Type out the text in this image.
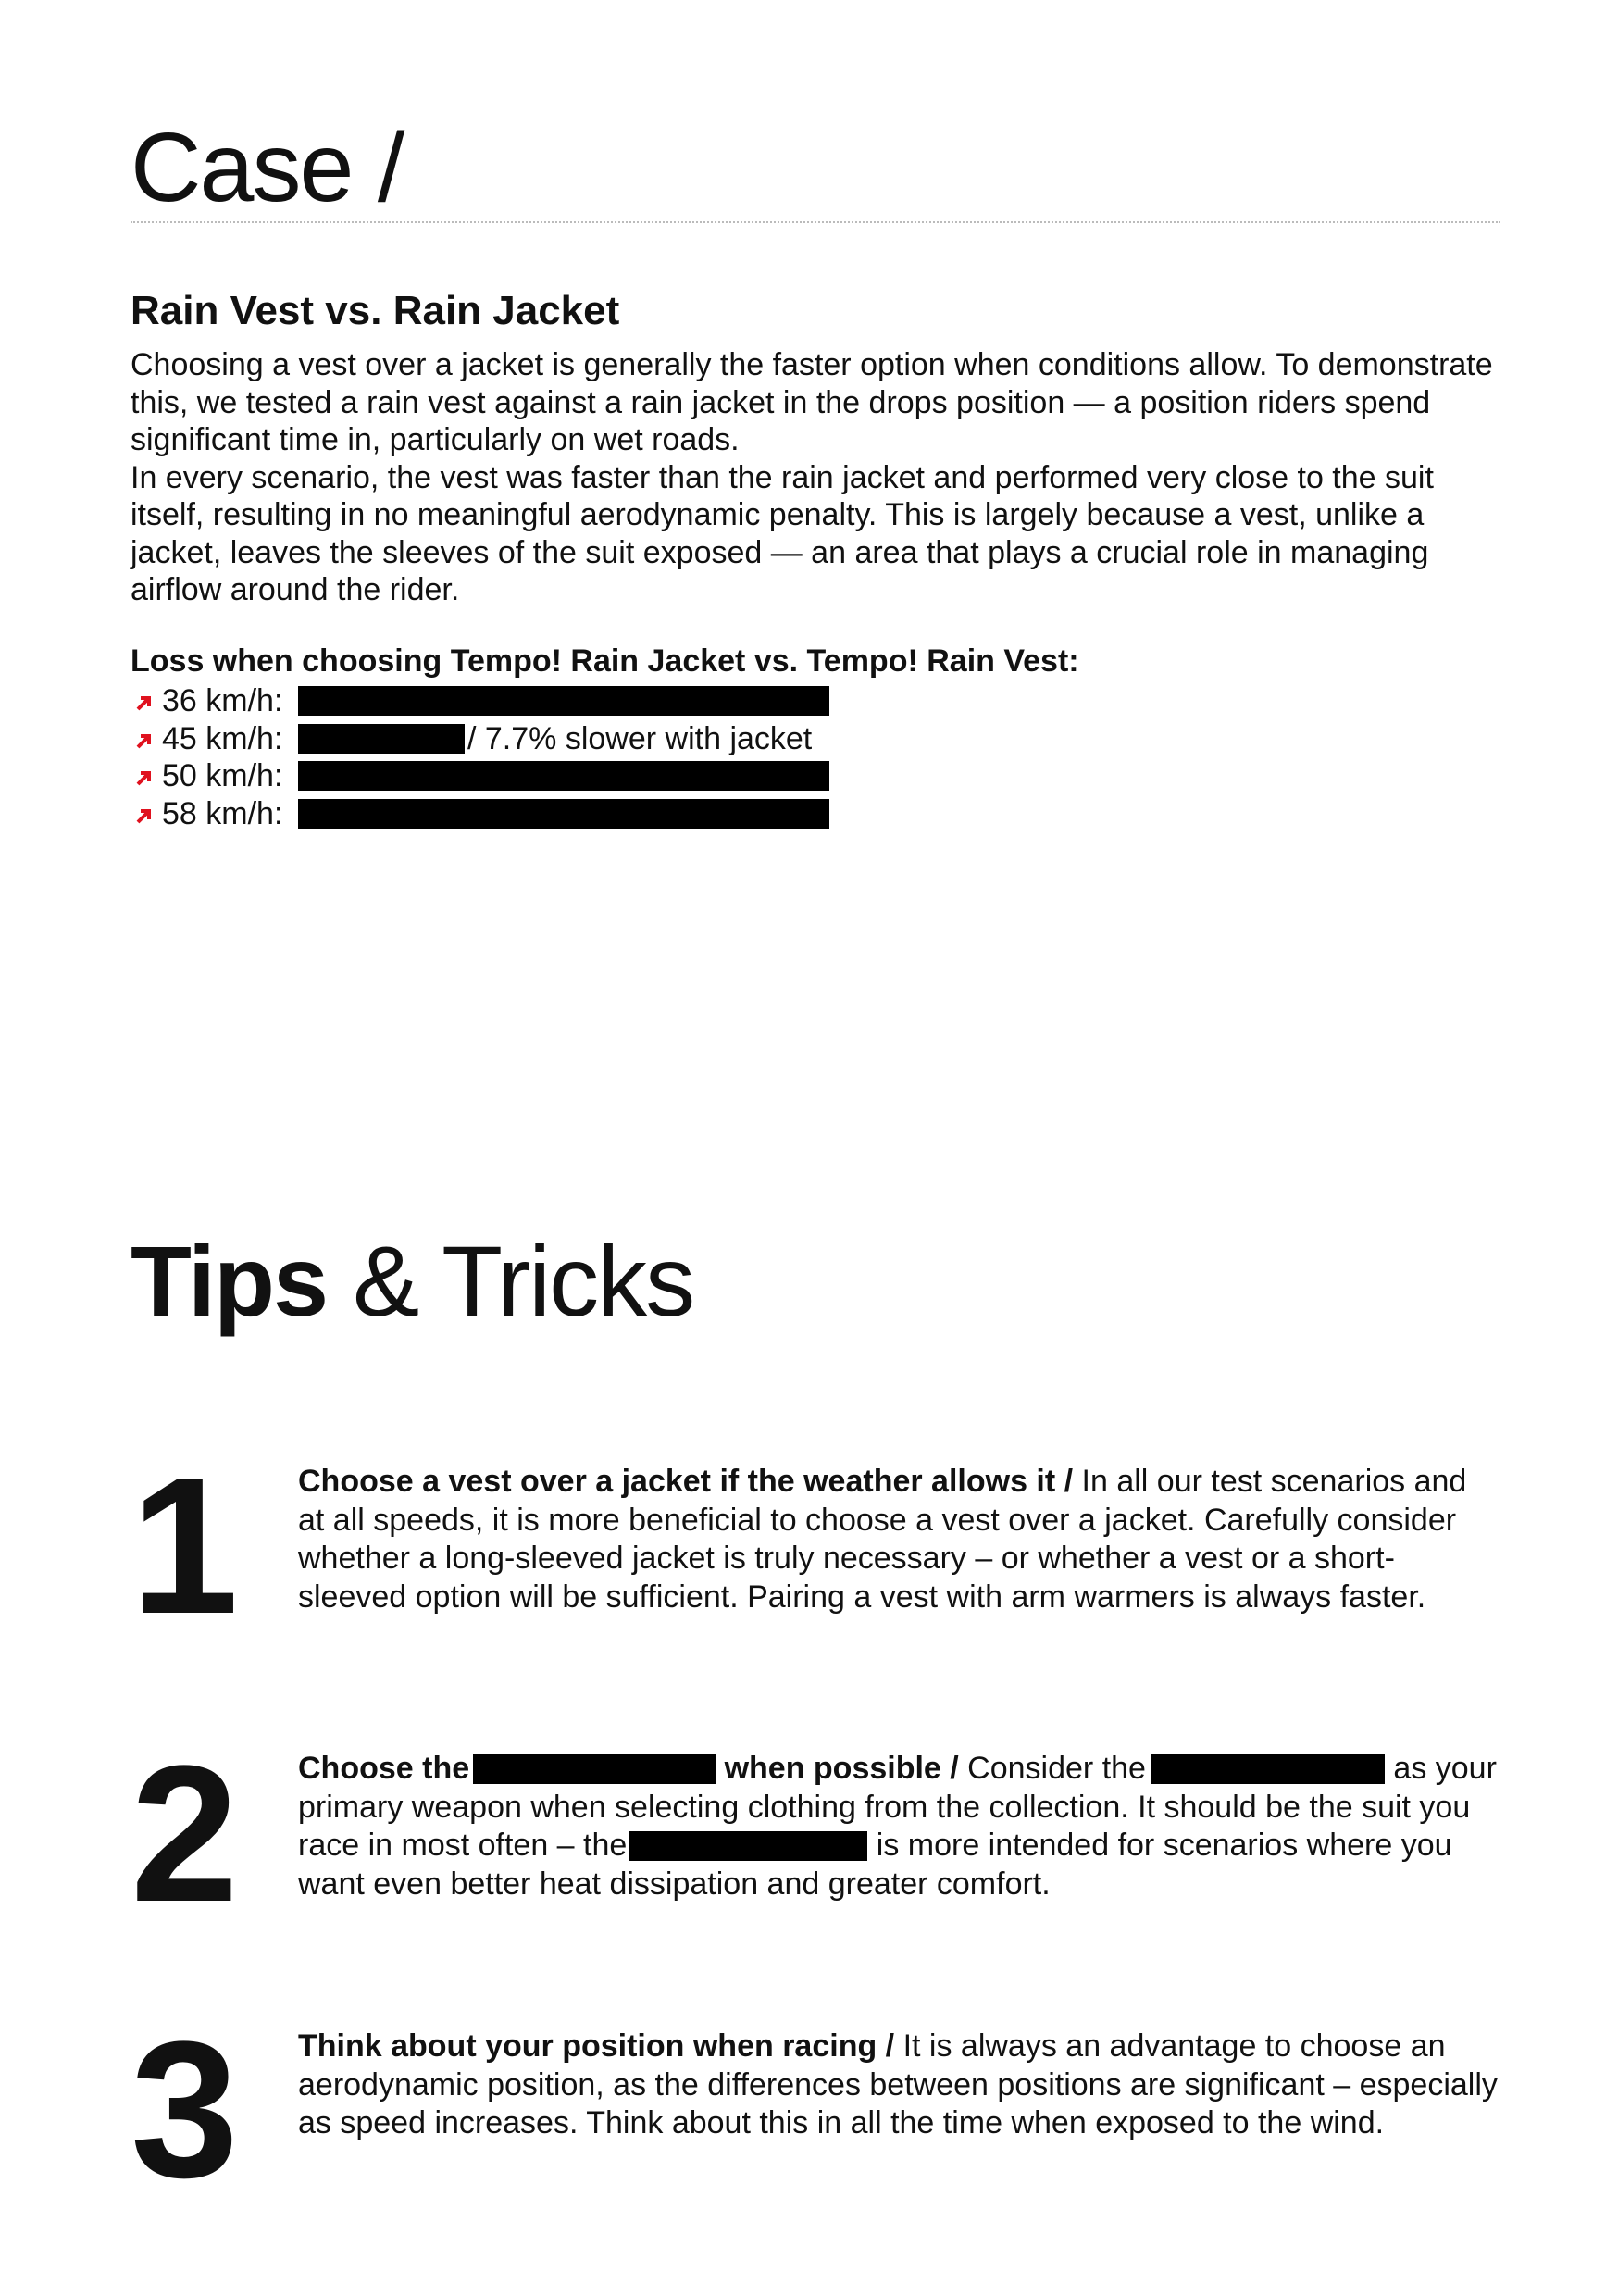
Case /
Rain Vest vs. Rain Jacket

Choosing a vest over a jacket is generally the faster option when conditions allow. To demonstrate this, we tested a rain vest against a rain jacket in the drops position — a position riders spend significant time in, particularly on wet roads.

In every scenario, the vest was faster than the rain jacket and performed very close to the suit itself, resulting in no meaningful aerodynamic penalty. This is largely because a vest, unlike a jacket, leaves the sleeves of the suit exposed — an area that plays a crucial role in managing airflow around the rider.

Loss when choosing Tempo! Rain Jacket vs. Tempo! Rain Vest:
36 km/h:
45 km/h:	/ 7.7% slower with jacket
50 km/h:
58 km/h:
Tips & Tricks
1	Choose a vest over a jacket if the weather allows it / In all our test scenarios and at all speeds, it is more beneficial to choose a vest over a jacket. Carefully consider whether a long-sleeved jacket is truly necessary – or whether a vest or a short-sleeved option will be sufficient. Pairing a vest with arm warmers is always faster.
2	Choose the	when possible / Consider the	as your primary weapon when selecting clothing from the collection. It should be the suit you race in most often – the	is more intended for scenarios where you want even better heat dissipation and greater comfort.
3	Think about your position when racing / It is always an advantage to choose an aerodynamic position, as the differences between positions are significant – especially as speed increases. Think about this in all the time when exposed to the wind.
